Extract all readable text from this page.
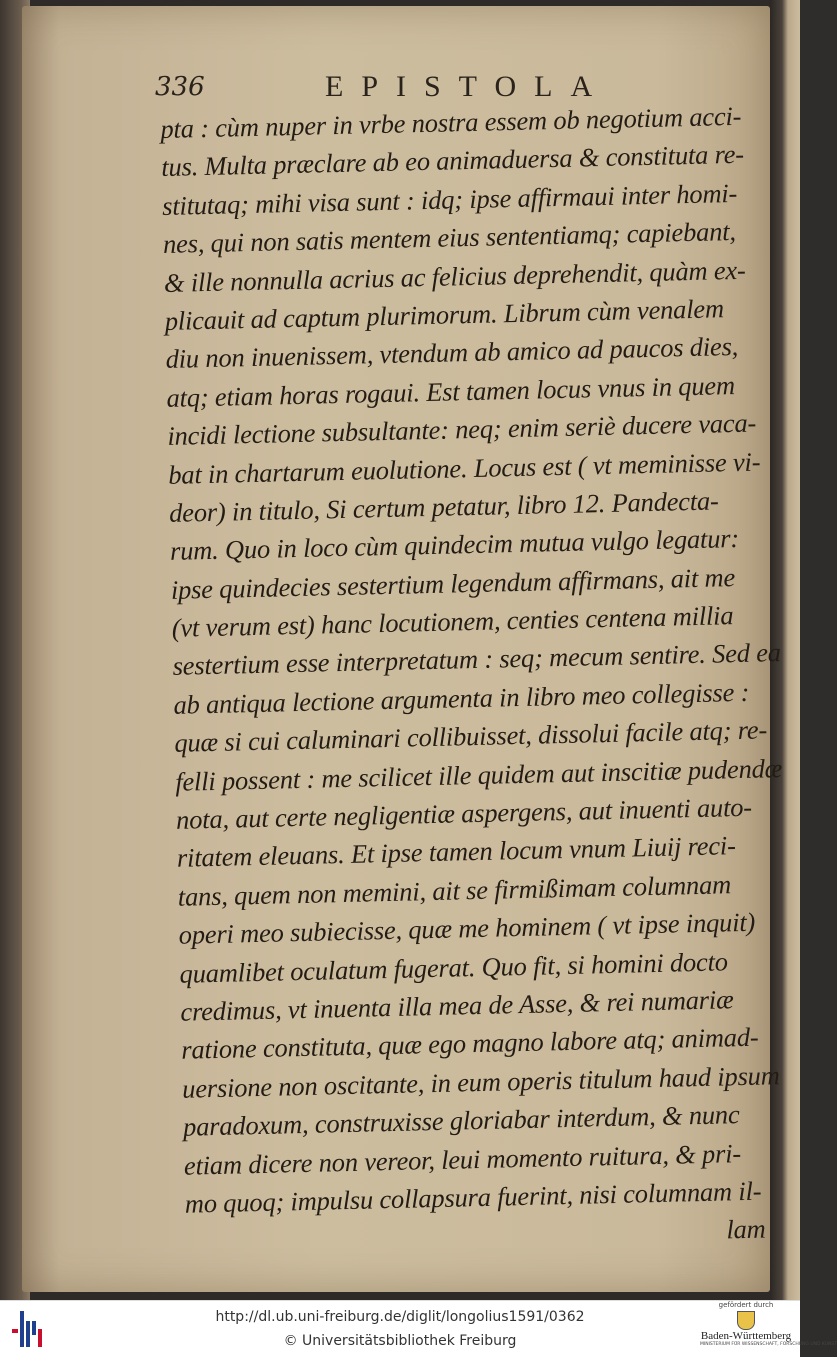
336	EPISTOLA
pta : cùm nuper in vrbe nostra essem ob negotium acci-
tus. Multa præclare ab eo animaduersa & constituta re-
stitutaq; mihi visa sunt : idq; ipse affirmaui inter homi-
nes, qui non satis mentem eius sententiamq; capiebant,
& ille nonnulla acrius ac felicius deprehendit, quàm ex-
plicauit ad captum plurimorum. Librum cùm venalem
diu non inuenissem, vtendum ab amico ad paucos dies,
atq; etiam horas rogaui. Est tamen locus vnus in quem
incidi lectione subsultante: neq; enim seriè ducere vaca-
bat in chartarum euolutione. Locus est ( vt meminisse vi-
deor) in titulo, Si certum petatur, libro 12. Pandecta-
rum. Quo in loco cùm quindecim mutua vulgo legatur:
ipse quindecies sestertium legendum affirmans, ait me
(vt verum est) hanc locutionem, centies centena millia
sestertium esse interpretatum : seq; mecum sentire. Sed ea
ab antiqua lectione argumenta in libro meo collegisse :
quæ si cui caluminari collibuisset, dissolui facile atq; re-
felli possent : me scilicet ille quidem aut inscitiæ pudendæ
nota, aut certe negligentiæ aspergens, aut inuenti auto-
ritatem eleuans. Et ipse tamen locum vnum Liuij reci-
tans, quem non memini, ait se firmißimam columnam
operi meo subiecisse, quæ me hominem ( vt ipse inquit)
quamlibet oculatum fugerat. Quo fit, si homini docto
credimus, vt inuenta illa mea de Asse, & rei numariæ
ratione constituta, quæ ego magno labore atq; animad-
uersione non oscitante, in eum operis titulum haud ipsum
paradoxum, construxisse gloriabar interdum, & nunc
etiam dicere non vereor, leui momento ruitura, & pri-
mo quoq; impulsu collapsura fuerint, nisi columnam il-
lam
http://dl.ub.uni-freiburg.de/diglit/longolius1591/0362
© Universitätsbibliothek Freiburg
gefördert durch
Baden-Württemberg
MINISTERIUM FÜR WISSENSCHAFT, FORSCHUNG UND KUNST
